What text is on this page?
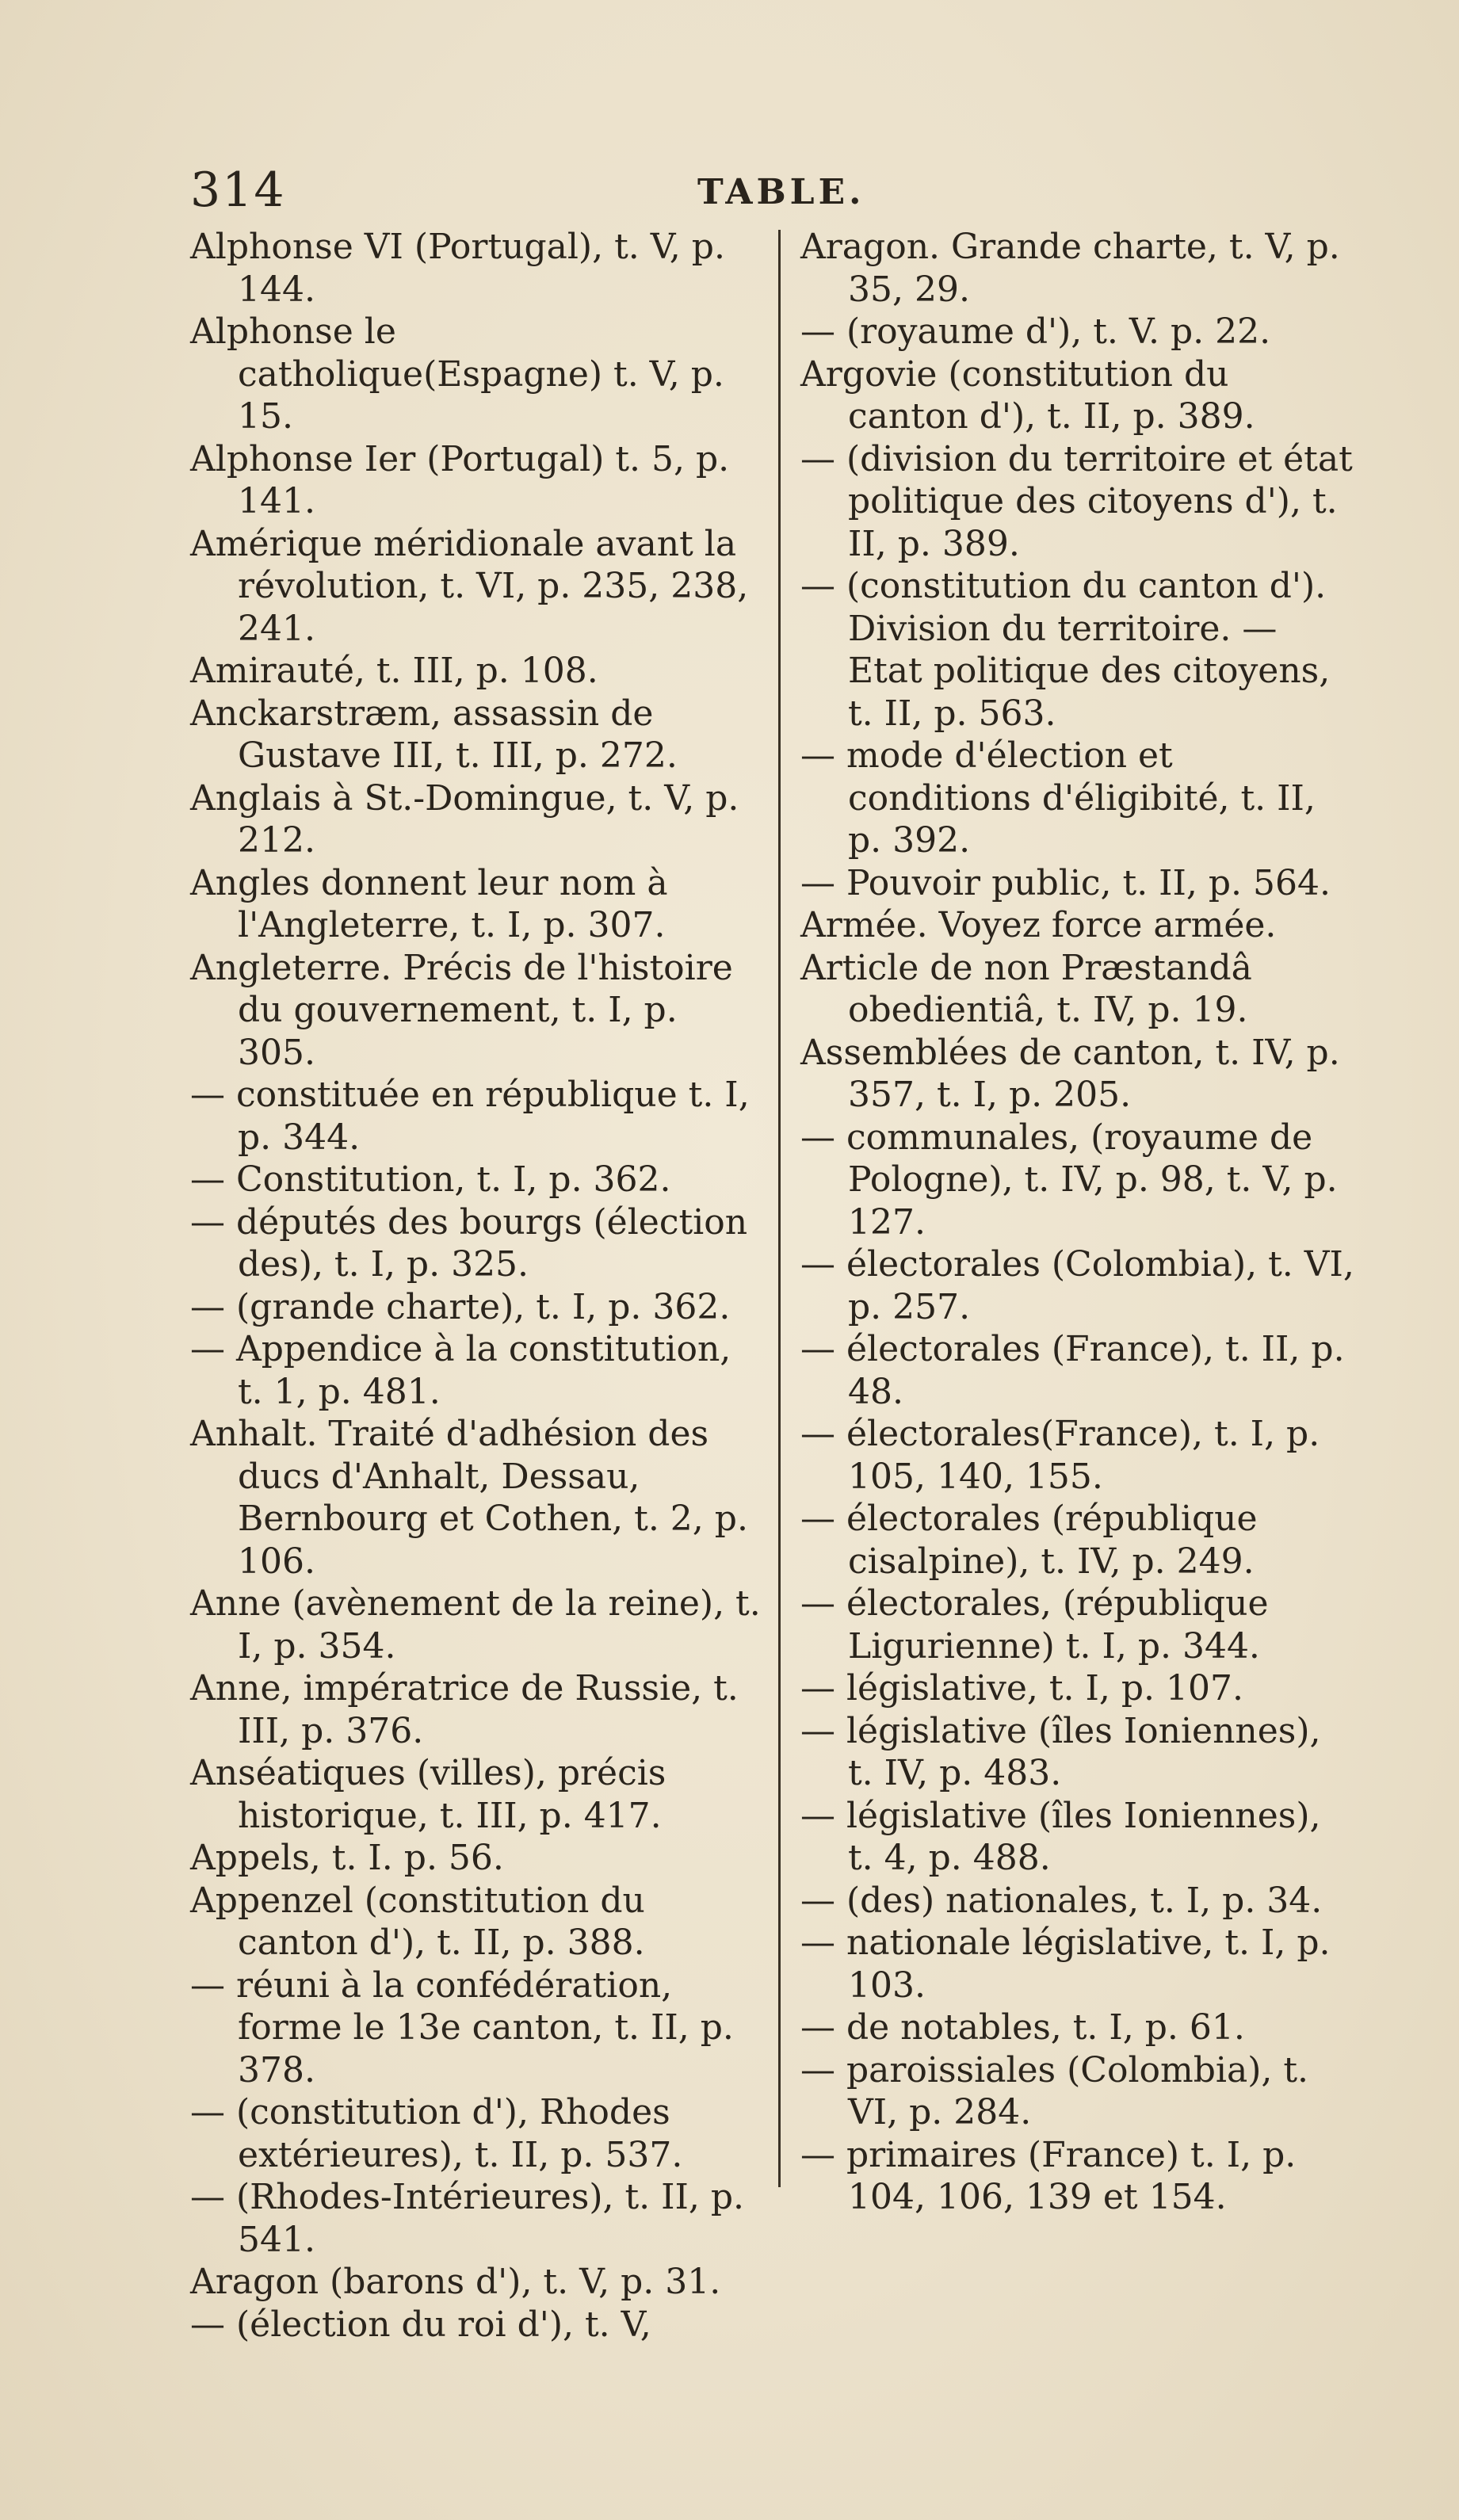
314	TABLE.

Alphonse VI (Portugal), t. V, p. 144.

Alphonse le catholique(Espagne) t. V, p. 15.

Alphonse Ier (Portugal) t. 5, p. 141.

Amérique méridionale avant la révolution, t. VI, p. 235, 238, 241.

Amirauté, t. III, p. 108.

Anckarstræm, assassin de Gustave III, t. III, p. 272.

Anglais à St.-Domingue, t. V, p. 212.

Angles donnent leur nom à l'Angleterre, t. I, p. 307.

Angleterre. Précis de l'histoire du gouvernement, t. I, p. 305.

— constituée en république t. I, p. 344.

— Constitution, t. I, p. 362.

— députés des bourgs (élection des), t. I, p. 325.

— (grande charte), t. I, p. 362.

— Appendice à la constitution, t. 1, p. 481.

Anhalt. Traité d'adhésion des ducs d'Anhalt, Dessau, Bernbourg et Cothen, t. 2, p. 106.

Anne (avènement de la reine), t. I, p. 354.

Anne, impératrice de Russie, t. III, p. 376.

Anséatiques (villes), précis historique, t. III, p. 417.

Appels, t. I. p. 56.

Appenzel (constitution du canton d'), t. II, p. 388.

— réuni à la confédération, forme le 13e canton, t. II, p. 378.

— (constitution d'), Rhodes extérieures), t. II, p. 537.

— (Rhodes-Intérieures), t. II, p. 541.

Aragon (barons d'), t. V, p. 31.

— (élection du roi d'), t. V,

Aragon. Grande charte, t. V, p. 35, 29.

— (royaume d'), t. V. p. 22.

Argovie (constitution du canton d'), t. II, p. 389.

— (division du territoire et état politique des citoyens d'), t. II, p. 389.

— (constitution du canton d'). Division du territoire. — Etat politique des citoyens, t. II, p. 563.

— mode d'élection et conditions d'éligibité, t. II, p. 392.

— Pouvoir public, t. II, p. 564.

Armée. Voyez force armée.

Article de non Præstandâ obedientiâ, t. IV, p. 19.

Assemblées de canton, t. IV, p. 357, t. I, p. 205.

— communales, (royaume de Pologne), t. IV, p. 98, t. V, p. 127.

— électorales (Colombia), t. VI, p. 257.

— électorales (France), t. II, p. 48.

— électorales(France), t. I, p. 105, 140, 155.

— électorales (république cisalpine), t. IV, p. 249.

— électorales, (république Ligurienne) t. I, p. 344.

— législative, t. I, p. 107.

— législative (îles Ioniennes), t. IV, p. 483.

— législative (îles Ioniennes), t. 4, p. 488.

— (des) nationales, t. I, p. 34.

— nationale législative, t. I, p. 103.

— de notables, t. I, p. 61.

— paroissiales (Colombia), t. VI, p. 284.

— primaires (France) t. I, p. 104, 106, 139 et 154.
